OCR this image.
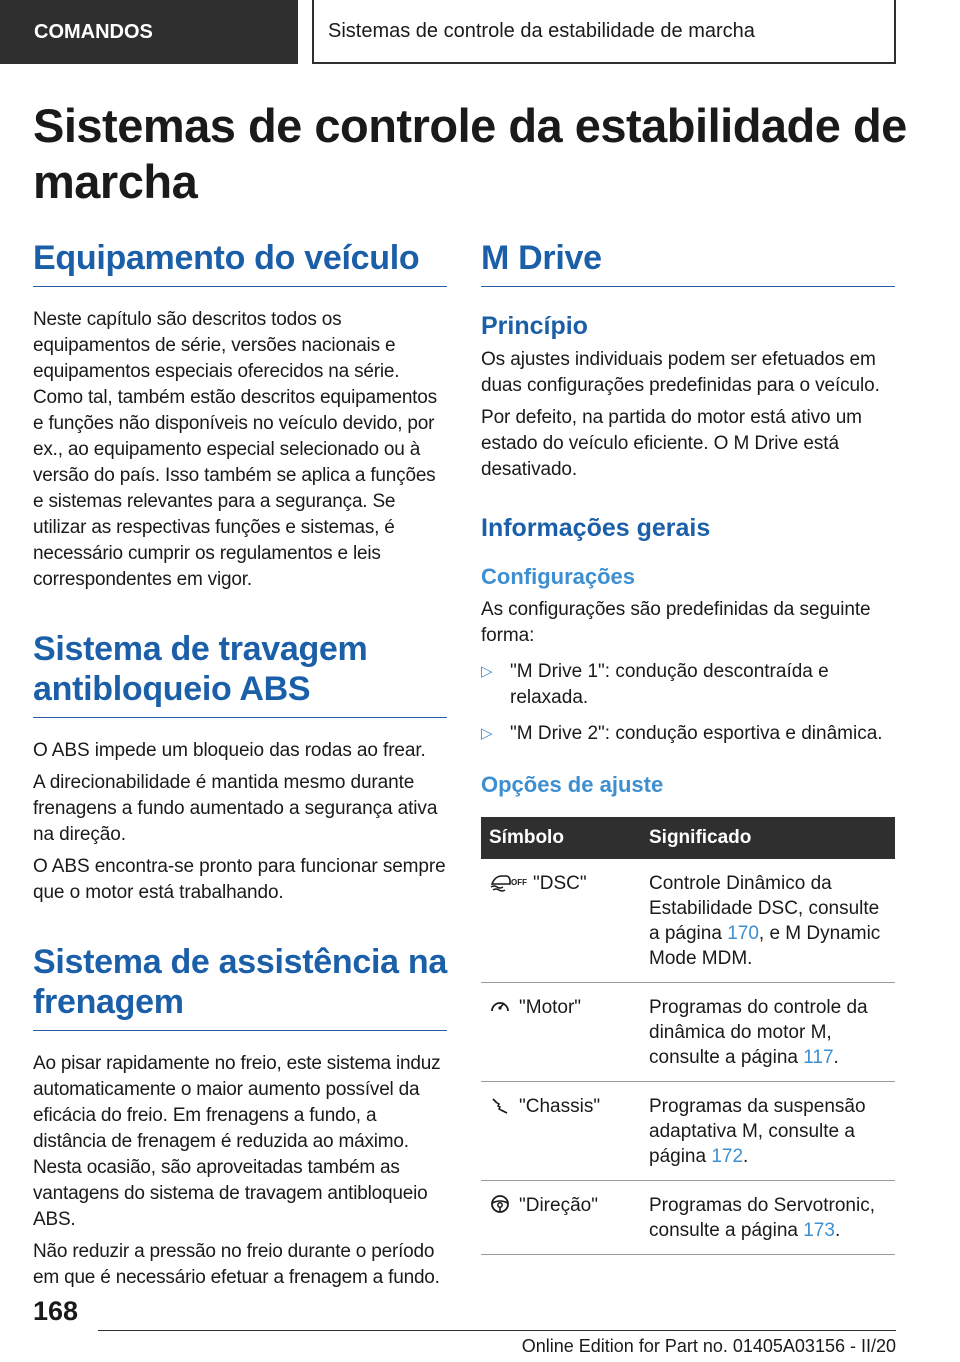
COMANDOS	Sistemas de controle da estabilidade de marcha
Sistemas de controle da estabilidade de marcha
Equipamento do veículo

Neste capítulo são descritos todos os equipamentos de série, versões nacionais e equipamentos especiais oferecidos na série. Como tal, também estão descritos equipamentos e funções não disponíveis no veículo devido, por ex., ao equipamento especial selecionado ou à versão do país. Isso também se aplica a funções e sistemas relevantes para a segurança. Se utilizar as respectivas funções e sistemas, é necessário cumprir os regulamentos e leis correspondentes em vigor.

Sistema de travagem antibloqueio ABS

O ABS impede um bloqueio das rodas ao frear.

A direcionabilidade é mantida mesmo durante frenagens a fundo aumentado a segurança ativa na direção.

O ABS encontra-se pronto para funcionar sempre que o motor está trabalhando.

Sistema de assistência na frenagem

Ao pisar rapidamente no freio, este sistema induz automaticamente o maior aumento possível da eficácia do freio. Em frenagens a fundo, a distância de frenagem é reduzida ao máximo. Nesta ocasião, são aproveitadas também as vantagens do sistema de travagem antibloqueio ABS.

Não reduzir a pressão no freio durante o período em que é necessário efetuar a frenagem a fundo.

M Drive
Princípio

Os ajustes individuais podem ser efetuados em duas configurações predefinidas para o veículo.

Por defeito, na partida do motor está ativo um estado do veículo eficiente. O M Drive está desativado.

Informações gerais
Configurações

As configurações são predefinidas da seguinte forma:

▷ "M Drive 1": condução descontraída e relaxada.
▷ "M Drive 2": condução esportiva e dinâmica.
Opções de ajuste
Símbolo	Significado

OFF "DSC"	Controle Dinâmico da Estabilidade DSC, consulte a página 170, e M Dynamic Mode MDM.
"Motor"	Programas do controle da dinâmica do motor M, consulte a página 117.
"Chassis"	Programas da suspensão adaptativa M, consulte a página 172.
"Direção"	Programas do Servotronic, consulte a página 173.
168
Online Edition for Part no. 01405A03156 - II/20
